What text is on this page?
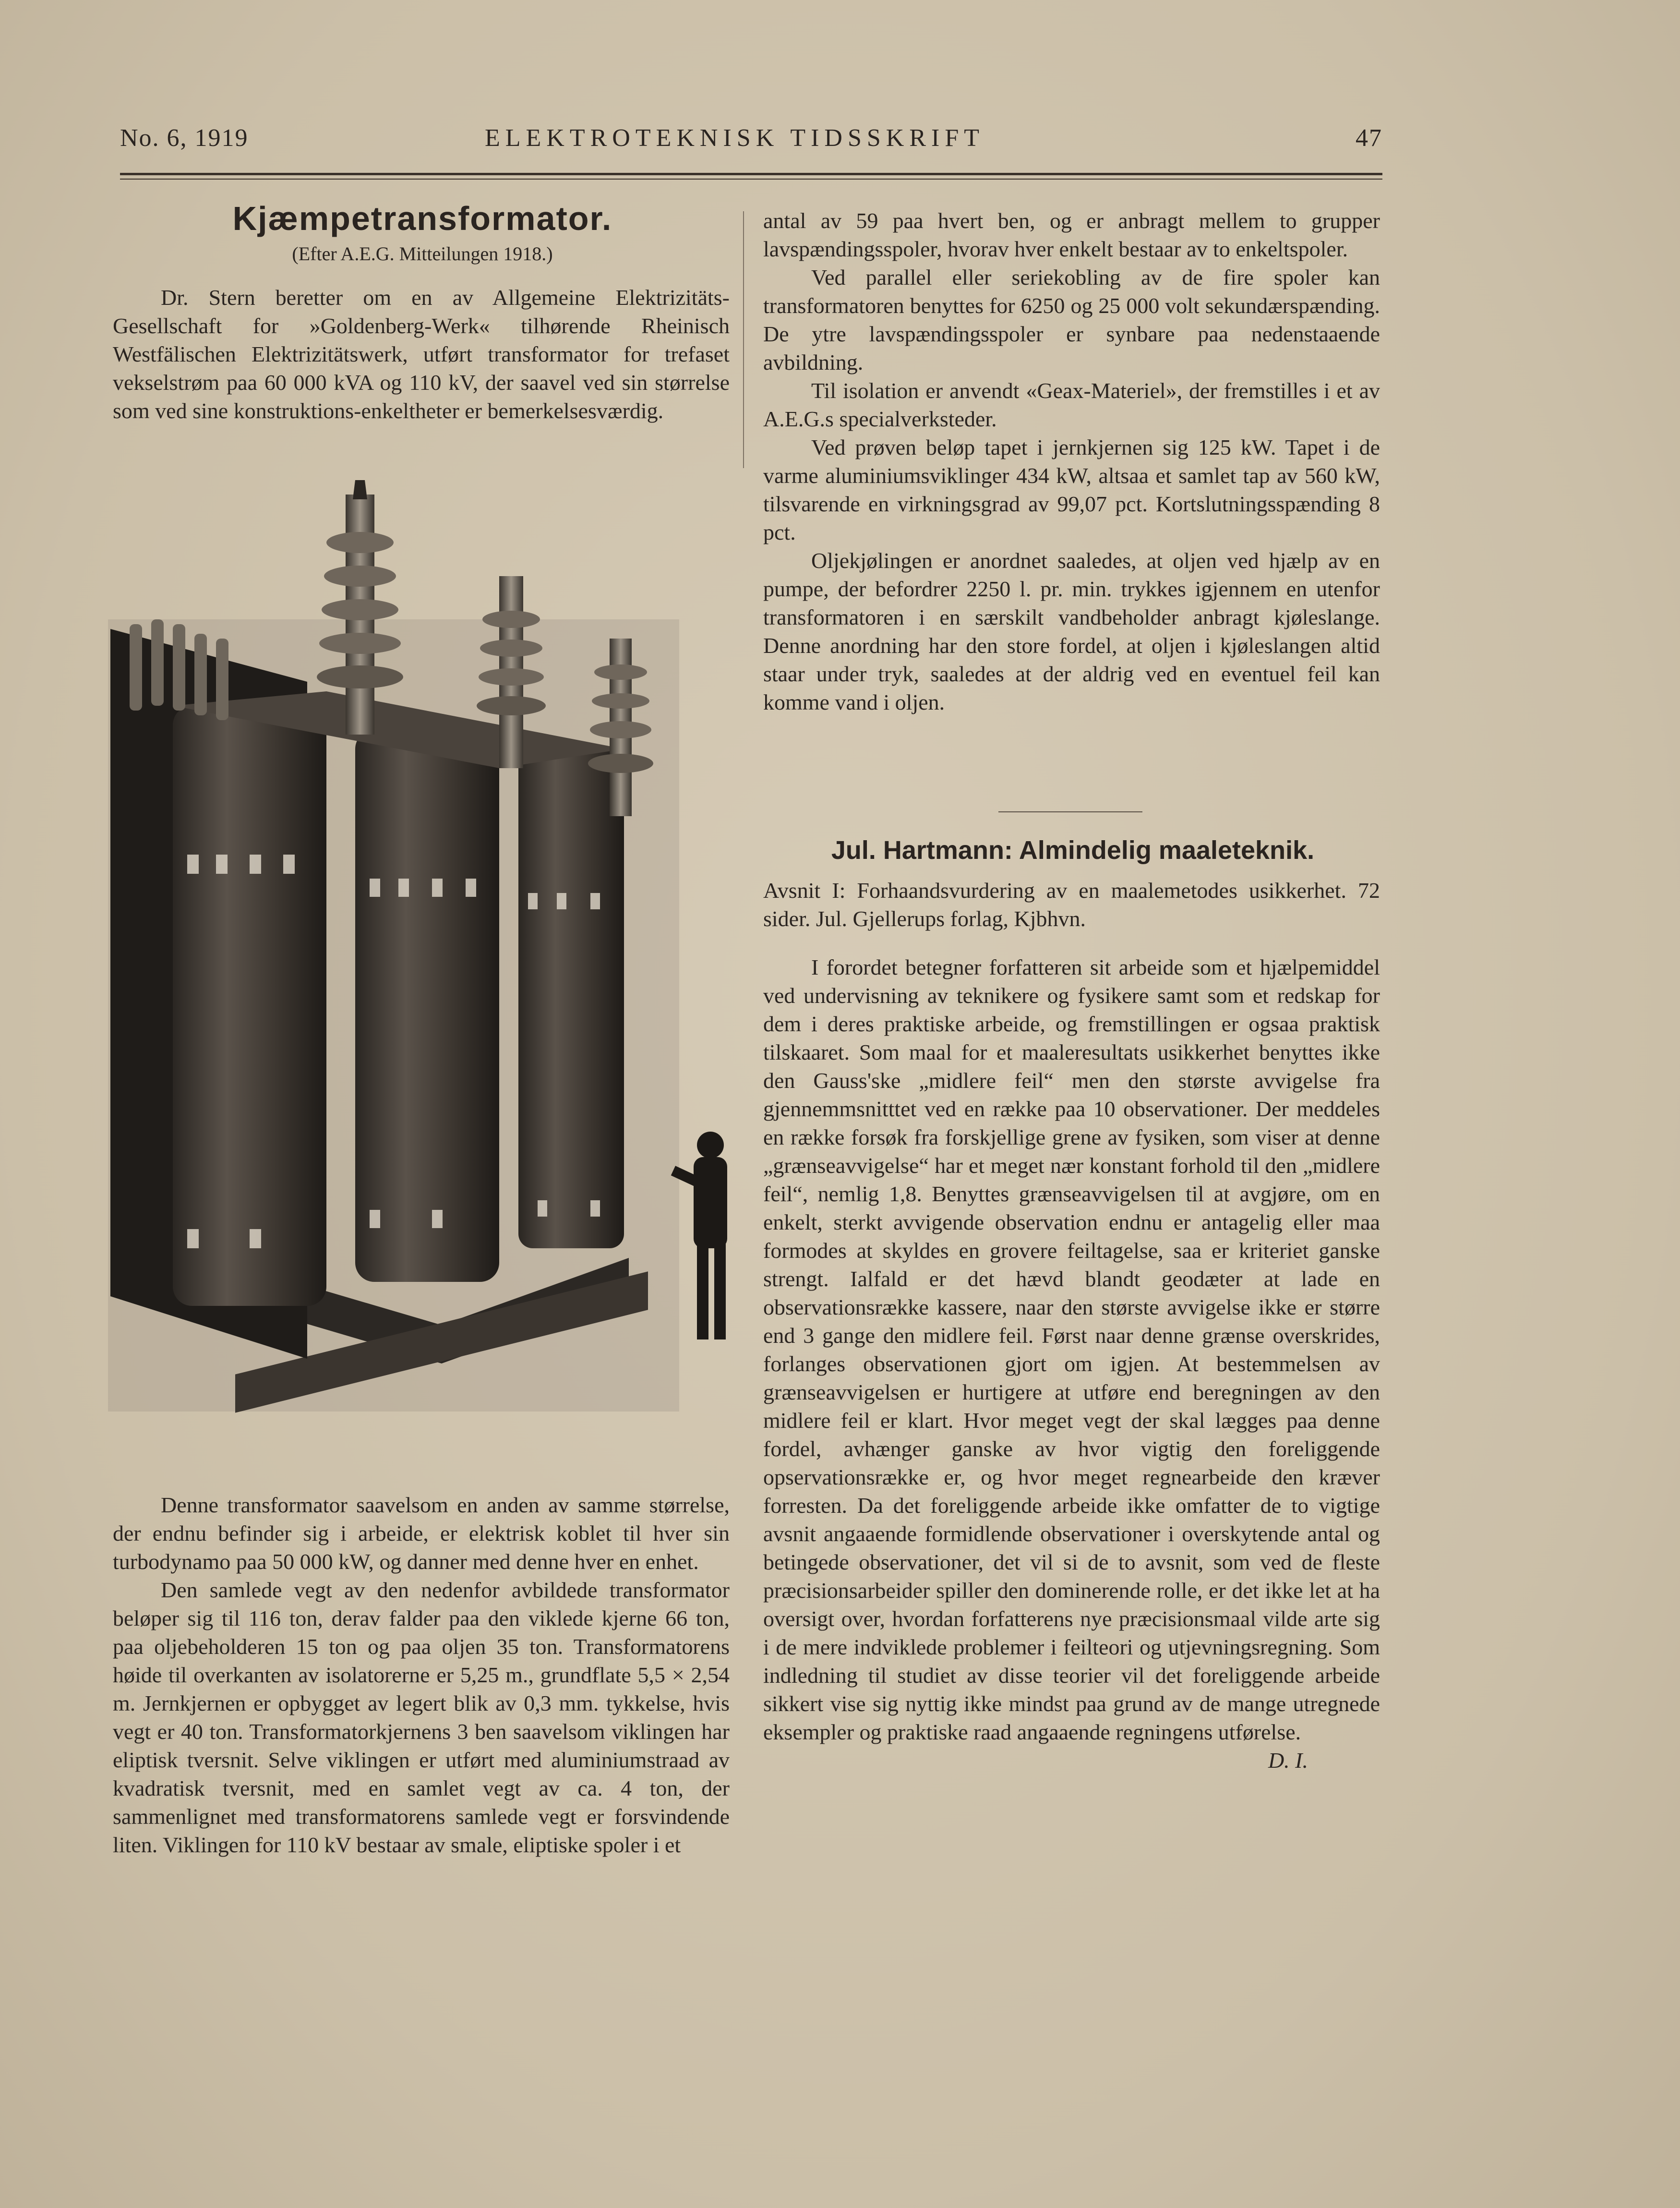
No. 6, 1919	ELEKTROTEKNISK TIDSSKRIFT	47
Kjæmpetransformator.
(Efter A.E.G. Mitteilungen 1918.)

Dr. Stern beretter om en av Allgemeine Elektrizitäts-Gesellschaft for »Goldenberg-Werk« tilhørende Rheinisch Westfälischen Elektrizitätswerk, utført transformator for trefaset vekselstrøm paa 60 000 kVA og 110 kV, der saavel ved sin størrelse som ved sine konstruktions-enkeltheter er bemerkelsesværdig.

Denne transformator saavelsom en anden av samme størrelse, der endnu befinder sig i arbeide, er elektrisk koblet til hver sin turbodynamo paa 50 000 kW, og danner med denne hver en enhet.

Den samlede vegt av den nedenfor avbildede transformator beløper sig til 116 ton, derav falder paa den viklede kjerne 66 ton, paa oljebeholderen 15 ton og paa oljen 35 ton. Transformatorens høide til overkanten av isolatorerne er 5,25 m., grundflate 5,5 × 2,54 m. Jernkjernen er opbygget av legert blik av 0,3 mm. tykkelse, hvis vegt er 40 ton. Transformatorkjernens 3 ben saavelsom viklingen har eliptisk tversnit. Selve viklingen er utført med aluminiumstraad av kvadratisk tversnit, med en samlet vegt av ca. 4 ton, der sammenlignet med transformatorens samlede vegt er forsvindende liten. Viklingen for 110 kV bestaar av smale, eliptiske spoler i et

antal av 59 paa hvert ben, og er anbragt mellem to grupper lavspændingsspoler, hvorav hver enkelt bestaar av to enkeltspoler.

Ved parallel eller seriekobling av de fire spoler kan transformatoren benyttes for 6250 og 25 000 volt sekundærspænding. De ytre lavspændingsspoler er synbare paa nedenstaaende avbildning.

Til isolation er anvendt «Geax-Materiel», der fremstilles i et av A.E.G.s specialverksteder.

Ved prøven beløp tapet i jernkjernen sig 125 kW. Tapet i de varme aluminiumsviklinger 434 kW, altsaa et samlet tap av 560 kW, tilsvarende en virkningsgrad av 99,07 pct. Kortslutningsspænding 8 pct.

Oljekjølingen er anordnet saaledes, at oljen ved hjælp av en pumpe, der befordrer 2250 l. pr. min. trykkes igjennem en utenfor transformatoren i en særskilt vandbeholder anbragt kjøleslange. Denne anordning har den store fordel, at oljen i kjøleslangen altid staar under tryk, saaledes at der aldrig ved en eventuel feil kan komme vand i oljen.

Jul. Hartmann: Almindelig maaleteknik.

Avsnit I: Forhaandsvurdering av en maalemetodes usikkerhet. 72 sider. Jul. Gjellerups forlag, Kjbhvn.

I forordet betegner forfatteren sit arbeide som et hjælpemiddel ved undervisning av teknikere og fysikere samt som et redskap for dem i deres praktiske arbeide, og fremstillingen er ogsaa praktisk tilskaaret. Som maal for et maaleresultats usikkerhet benyttes ikke den Gauss'ske „midlere feil“ men den største avvigelse fra gjennemmsnitttet ved en række paa 10 observationer. Der meddeles en række forsøk fra forskjellige grene av fysiken, som viser at denne „grænseavvigelse“ har et meget nær konstant forhold til den „midlere feil“, nemlig 1,8. Benyttes grænseavvigelsen til at avgjøre, om en enkelt, sterkt avvigende observation endnu er antagelig eller maa formodes at skyldes en grovere feiltagelse, saa er kriteriet ganske strengt. Ialfald er det hævd blandt geodæter at lade en observationsrække kassere, naar den største avvigelse ikke er større end 3 gange den midlere feil. Først naar denne grænse overskrides, forlanges observationen gjort om igjen. At bestemmelsen av grænseavvigelsen er hurtigere at utføre end beregningen av den midlere feil er klart. Hvor meget vegt der skal lægges paa denne fordel, avhænger ganske av hvor vigtig den foreliggende opservationsrække er, og hvor meget regnearbeide den kræver forresten. Da det foreliggende arbeide ikke omfatter de to vigtige avsnit angaaende formidlende observationer i overskytende antal og betingede observationer, det vil si de to avsnit, som ved de fleste præcisionsarbeider spiller den dominerende rolle, er det ikke let at ha oversigt over, hvordan forfatterens nye præcisionsmaal vilde arte sig i de mere indviklede problemer i feilteori og utjevningsregning. Som indledning til studiet av disse teorier vil det foreliggende arbeide sikkert vise sig nyttig ikke mindst paa grund av de mange utregnede eksempler og praktiske raad angaaende regningens utførelse.
D. I.
